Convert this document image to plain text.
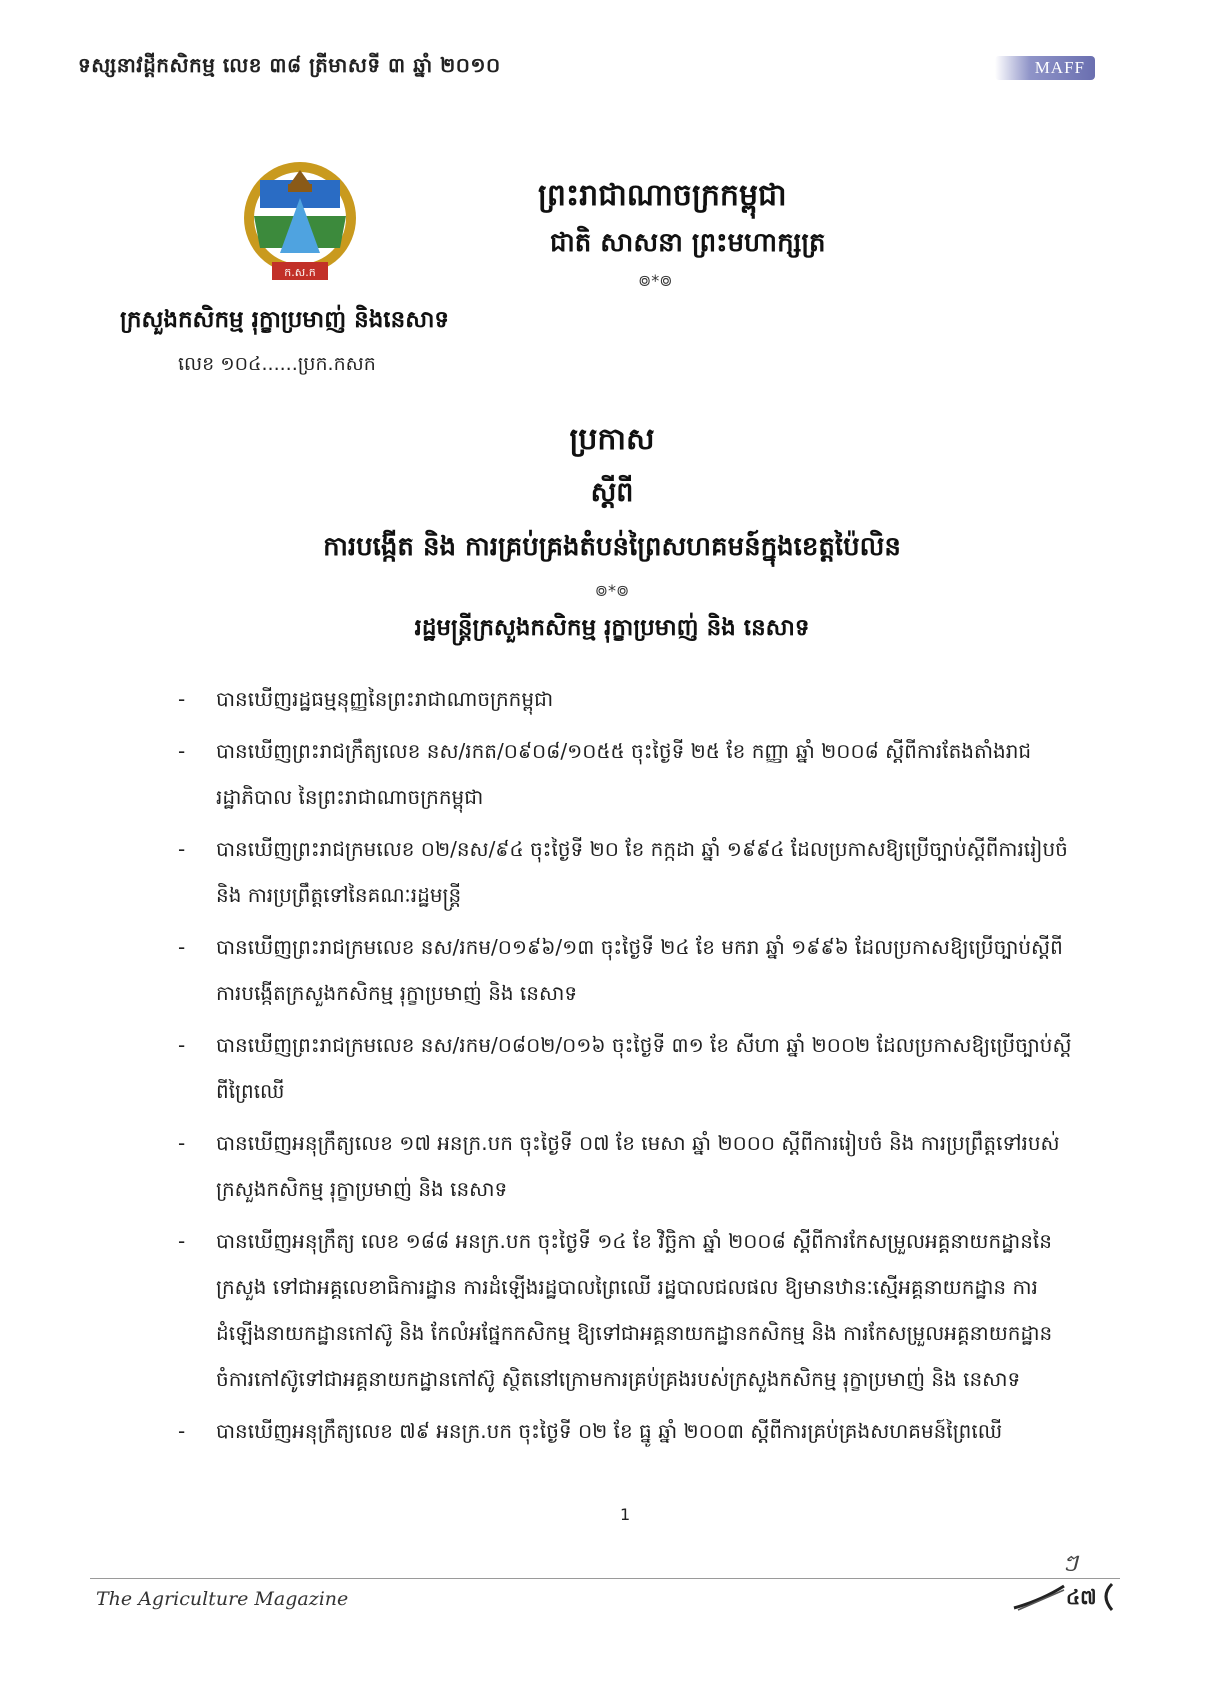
ទស្សនាវដ្តីកសិកម្ម លេខ ៣៨ ត្រីមាសទី ៣ ឆ្នាំ ២០១០	MAFF
ក.ស.ក
ព្រះរាជាណាចក្រកម្ពុជា
ជាតិ សាសនា ព្រះមហាក្សត្រ
៙*៙
ក្រសួងកសិកម្ម រុក្ខាប្រមាញ់ និងនេសាទ
លេខ ១០៤......ប្រក.កសក
ប្រកាស
ស្តីពី
ការបង្កើត និង ការគ្រប់គ្រងតំបន់ព្រៃសហគមន៍ក្នុងខេត្តប៉ៃលិន
៙*៙
រដ្ឋមន្ត្រីក្រសួងកសិកម្ម រុក្ខាប្រមាញ់ និង នេសាទ
- បានឃើញរដ្ឋធម្មនុញ្ញនៃព្រះរាជាណាចក្រកម្ពុជា
- បានឃើញព្រះរាជក្រឹត្យលេខ នស/រកត/០៩០៨/១០៥៥ ចុះថ្ងៃទី ២៥ ខែ កញ្ញា ឆ្នាំ ២០០៨ ស្តីពីការតែងតាំងរាជរដ្ឋាភិបាល នៃព្រះរាជាណាចក្រកម្ពុជា
- បានឃើញព្រះរាជក្រមលេខ ០២/នស/៩៤ ចុះថ្ងៃទី ២០ ខែ កក្កដា ឆ្នាំ ១៩៩៤ ដែលប្រកាសឱ្យប្រើច្បាប់ស្តីពីការរៀបចំ និង ការប្រព្រឹត្តទៅនៃគណៈរដ្ឋមន្ត្រី
- បានឃើញព្រះរាជក្រមលេខ នស/រកម/០១៩៦/១៣ ចុះថ្ងៃទី ២៤ ខែ មករា ឆ្នាំ ១៩៩៦ ដែលប្រកាសឱ្យប្រើច្បាប់ស្តីពីការបង្កើតក្រសួងកសិកម្ម រុក្ខាប្រមាញ់ និង នេសាទ
- បានឃើញព្រះរាជក្រមលេខ នស/រកម/០៨០២/០១៦ ចុះថ្ងៃទី ៣១ ខែ សីហា ឆ្នាំ ២០០២ ដែលប្រកាសឱ្យប្រើច្បាប់ស្តីពីព្រៃឈើ
- បានឃើញអនុក្រឹត្យលេខ ១៧ អនក្រ.បក ចុះថ្ងៃទី ០៧ ខែ មេសា ឆ្នាំ ២០០០ ស្តីពីការរៀបចំ និង ការប្រព្រឹត្តទៅរបស់ក្រសួងកសិកម្ម រុក្ខាប្រមាញ់ និង នេសាទ
- បានឃើញអនុក្រឹត្យ លេខ ១៨៨ អនក្រ.បក ចុះថ្ងៃទី ១៤ ខែ វិច្ឆិកា ឆ្នាំ ២០០៨ ស្តីពីការកែសម្រួលអគ្គនាយកដ្ឋាននៃក្រសួង ទៅជាអគ្គលេខាធិការដ្ឋាន ការដំឡើងរដ្ឋបាលព្រៃឈើ រដ្ឋបាលជលផល ឱ្យមានឋានៈស្មើអគ្គនាយកដ្ឋាន ការដំឡើងនាយកដ្ឋានកៅស៊ូ និង កែលំអផ្នែកកសិកម្ម ឱ្យទៅជាអគ្គនាយកដ្ឋានកសិកម្ម និង ការកែសម្រួលអគ្គនាយកដ្ឋានចំការកៅស៊ូទៅជាអគ្គនាយកដ្ឋានកៅស៊ូ ស្ថិតនៅក្រោមការគ្រប់គ្រងរបស់ក្រសួងកសិកម្ម រុក្ខាប្រមាញ់ និង នេសាទ
- បានឃើញអនុក្រឹត្យលេខ ៧៩ អនក្រ.បក ចុះថ្ងៃទី ០២ ខែ ធ្នូ ឆ្នាំ ២០០៣ ស្តីពីការគ្រប់គ្រងសហគមន៍ព្រៃឈើ
1
ៗ
The Agriculture Magazine	៤៧
